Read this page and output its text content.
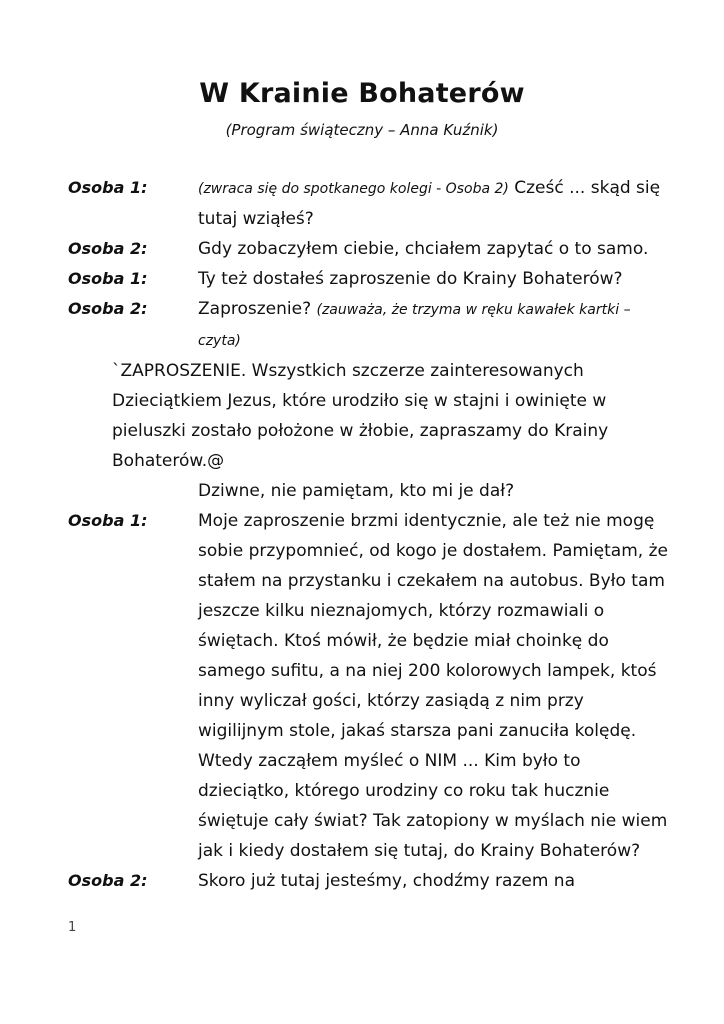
W Krainie Bohaterów
(Program świąteczny – Anna Kuźnik)
Osoba 1:	(zwraca się do spotkanego kolegi - Osoba 2) Cześć ... skąd się tutaj wziąłeś?
Osoba 2:	Gdy zobaczyłem ciebie, chciałem zapytać o to samo.
Osoba 1:	Ty też dostałeś zaproszenie do Krainy Bohaterów?
Osoba 2:	Zaproszenie? (zauważa, że trzyma w ręku kawałek kartki – czyta)
`ZAPROSZENIE. Wszystkich szczerze zainteresowanych Dzieciątkiem Jezus, które urodziło się w stajni i owinięte w pieluszki zostało położone w żłobie, zapraszamy do Krainy Bohaterów.@
Dziwne, nie pamiętam, kto mi je dał?
Osoba 1:	Moje zaproszenie brzmi identycznie, ale też nie mogę sobie przypomnieć, od kogo je dostałem. Pamiętam, że stałem na przystanku i czekałem na autobus. Było tam jeszcze kilku nieznajomych, którzy rozmawiali o świętach. Ktoś mówił, że będzie miał choinkę do samego sufitu, a na niej 200 kolorowych lampek, ktoś inny wyliczał gości, którzy zasiądą z nim przy wigilijnym stole, jakaś starsza pani zanuciła kolędę. Wtedy zacząłem myśleć o NIM ... Kim było to dzieciątko, którego urodziny co roku tak hucznie świętuje cały świat? Tak zatopiony w myślach nie wiem jak i kiedy dostałem się tutaj, do Krainy Bohaterów?
Osoba 2:	Skoro już tutaj jesteśmy, chodźmy razem na
1
